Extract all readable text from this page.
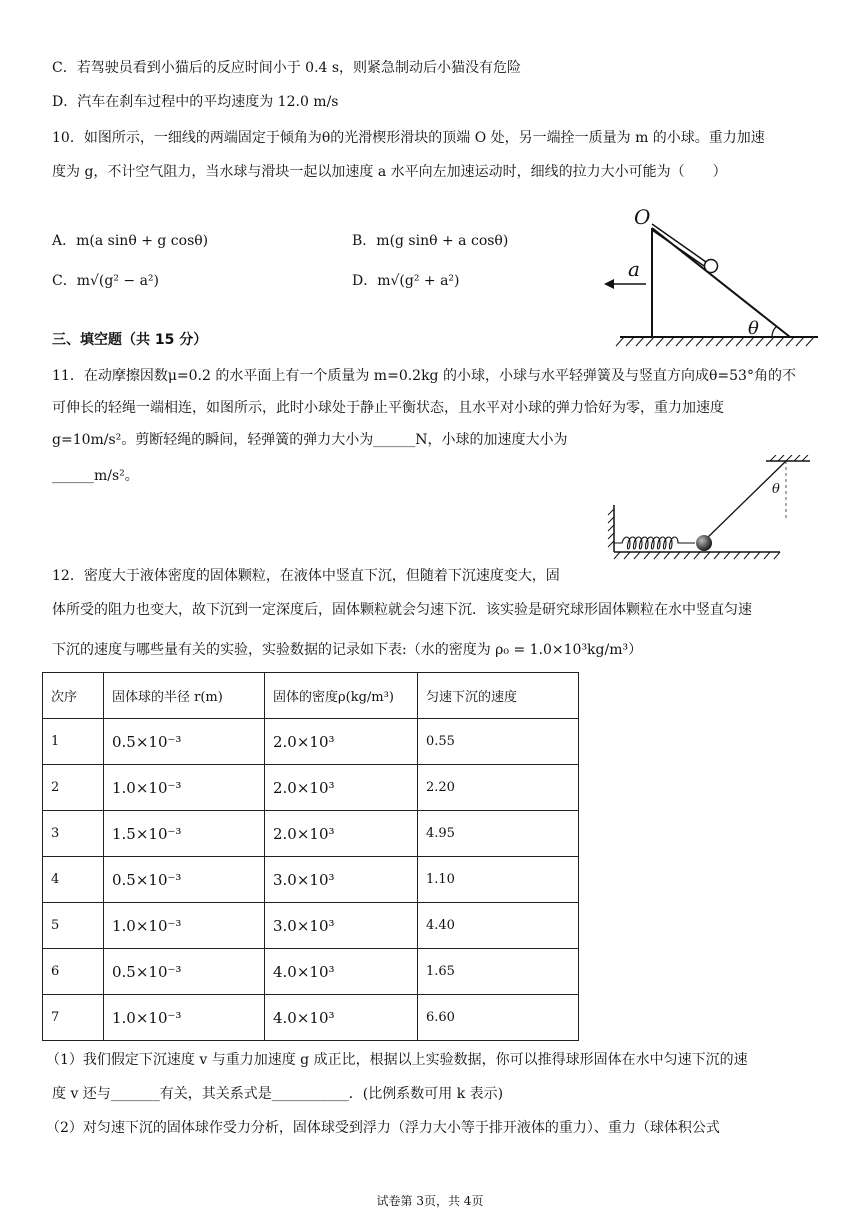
C．若驾驶员看到小猫后的反应时间小于 0.4 s，则紧急制动后小猫没有危险
D．汽车在刹车过程中的平均速度为 12.0 m/s
10．如图所示，一细线的两端固定于倾角为θ的光滑楔形滑块的顶端 O 处，另一端拴一质量为 m 的小球。重力加速
度为 g，不计空气阻力，当水球与滑块一起以加速度 a 水平向左加速运动时，细线的拉力大小可能为（　　）
A．m(a sinθ + g cosθ)	B．m(g sinθ + a cosθ)
C．m√(g² − a²)	D．m√(g² + a²)
O
a
θ
三、填空题（共 15 分）
11．在动摩擦因数μ=0.2 的水平面上有一个质量为 m=0.2kg 的小球，小球与水平轻弹簧及与竖直方向成θ=53°角的不
可伸长的轻绳一端相连，如图所示，此时小球处于静止平衡状态，且水平对小球的弹力恰好为零，重力加速度
g=10m/s²。剪断轻绳的瞬间，轻弹簧的弹力大小为______N，小球的加速度大小为
______m/s²。
θ
12．密度大于液体密度的固体颗粒，在液体中竖直下沉，但随着下沉速度变大，固
体所受的阻力也变大，故下沉到一定深度后，固体颗粒就会匀速下沉．该实验是研究球形固体颗粒在水中竖直匀速
下沉的速度与哪些量有关的实验，实验数据的记录如下表:（水的密度为 ρ₀ = 1.0×10³kg/m³）
次序	固体球的半径 r(m)	固体的密度ρ(kg/m³)	匀速下沉的速度
1	0.5×10⁻³	2.0×10³	0.55
2	1.0×10⁻³	2.0×10³	2.20
3	1.5×10⁻³	2.0×10³	4.95
4	0.5×10⁻³	3.0×10³	1.10
5	1.0×10⁻³	3.0×10³	4.40
6	0.5×10⁻³	4.0×10³	1.65
7	1.0×10⁻³	4.0×10³	6.60
（1）我们假定下沉速度 v 与重力加速度 g 成正比，根据以上实验数据，你可以推得球形固体在水中匀速下沉的速
度 v 还与_______有关，其关系式是___________．(比例系数可用 k 表示)
（2）对匀速下沉的固体球作受力分析，固体球受到浮力（浮力大小等于排开液体的重力）、重力（球体积公式
试卷第 3页，共 4页
